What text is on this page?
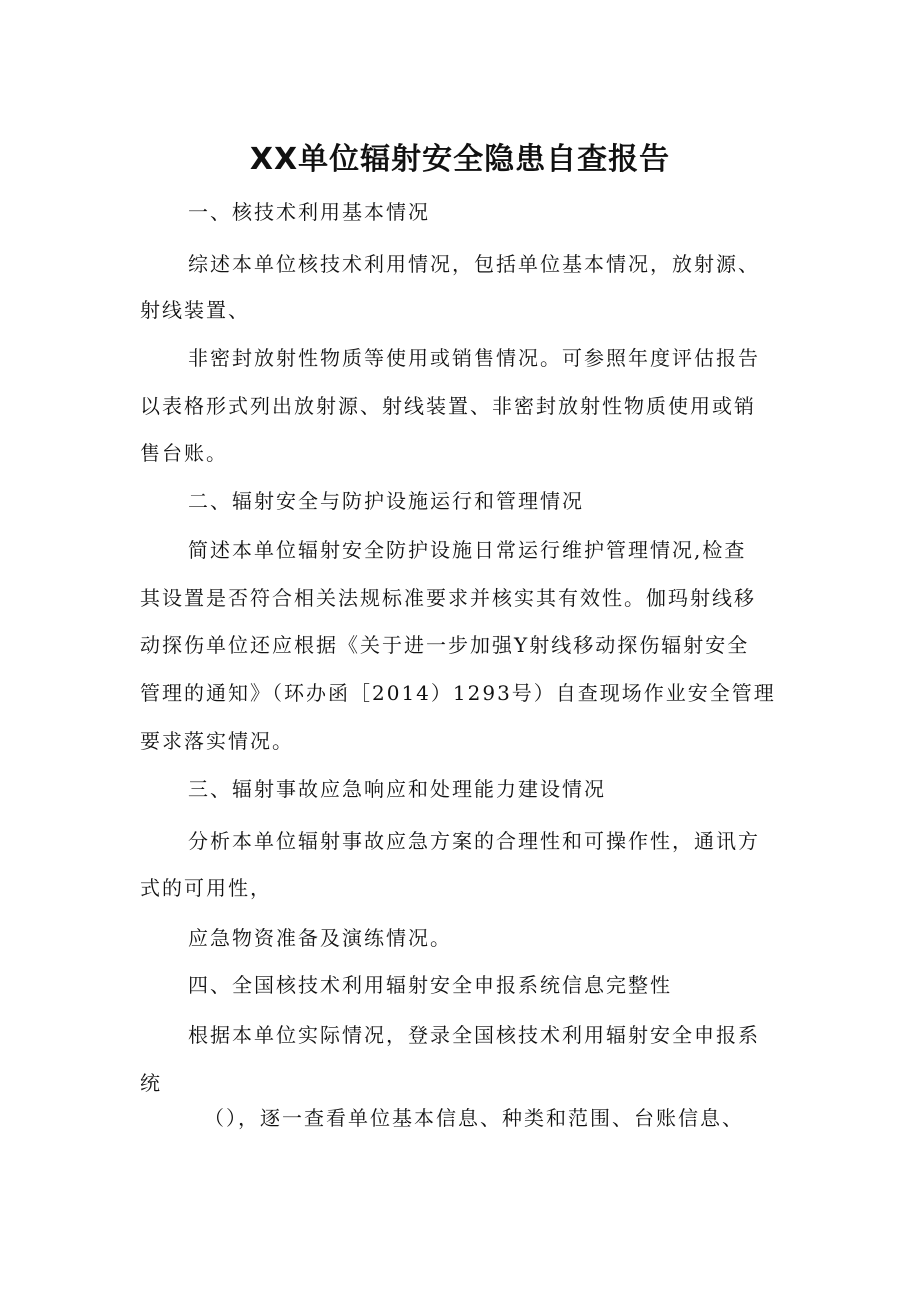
XX单位辐射安全隐患自查报告

一、核技术利用基本情况

综述本单位核技术利用情况，包括单位基本情况，放射源、

射线装置、

非密封放射性物质等使用或销售情况。可参照年度评估报告

以表格形式列出放射源、射线装置、非密封放射性物质使用或销

售台账。

二、辐射安全与防护设施运行和管理情况

简述本单位辐射安全防护设施日常运行维护管理情况,检查

其设置是否符合相关法规标准要求并核实其有效性。伽玛射线移

动探伤单位还应根据《关于进一步加强Y射线移动探伤辐射安全

管理的通知》（环办函［2014）1293号）自查现场作业安全管理

要求落实情况。

三、辐射事故应急响应和处理能力建设情况

分析本单位辐射事故应急方案的合理性和可操作性，通讯方

式的可用性，

应急物资准备及演练情况。

四、全国核技术利用辐射安全申报系统信息完整性

根据本单位实际情况，登录全国核技术利用辐射安全申报系

统

（），逐一查看单位基本信息、种类和范围、台账信息、
